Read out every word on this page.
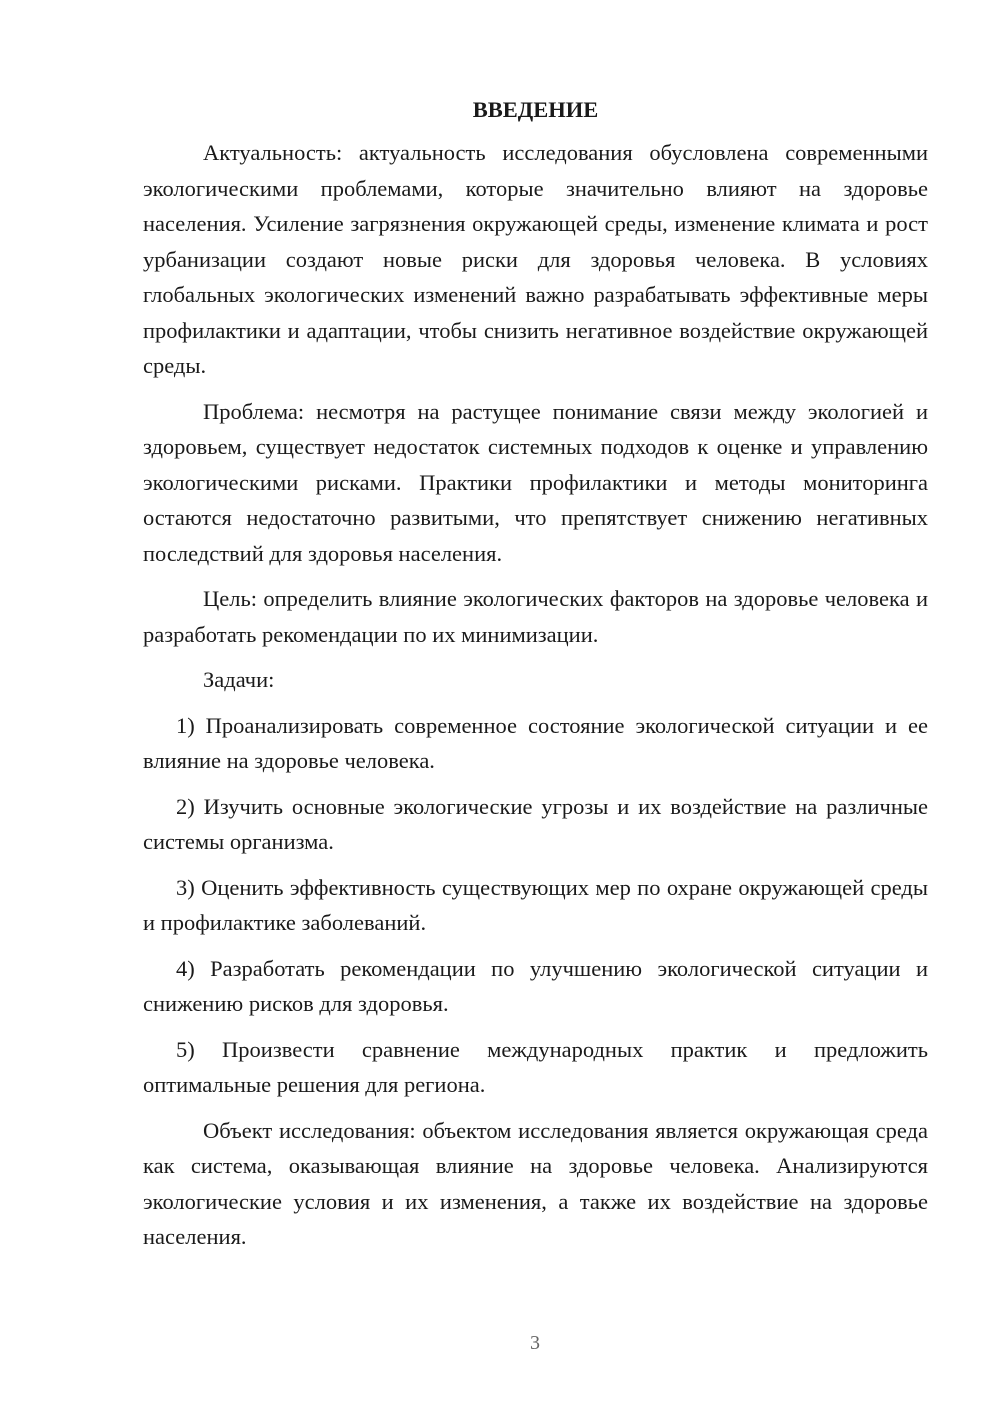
ВВЕДЕНИЕ

Актуальность: актуальность исследования обусловлена современными экологическими проблемами, которые значительно влияют на здоровье населения. Усиление загрязнения окружающей среды, изменение климата и рост урбанизации создают новые риски для здоровья человека. В условиях глобальных экологических изменений важно разрабатывать эффективные меры профилактики и адаптации, чтобы снизить негативное воздействие окружающей среды.

Проблема: несмотря на растущее понимание связи между экологией и здоровьем, существует недостаток системных подходов к оценке и управлению экологическими рисками. Практики профилактики и методы мониторинга остаются недостаточно развитыми, что препятствует снижению негативных последствий для здоровья населения.

Цель: определить влияние экологических факторов на здоровье человека и разработать рекомендации по их минимизации.

Задачи:

1) Проанализировать современное состояние экологической ситуации и ее влияние на здоровье человека.

2) Изучить основные экологические угрозы и их воздействие на различные системы организма.

3) Оценить эффективность существующих мер по охране окружающей среды и профилактике заболеваний.

4) Разработать рекомендации по улучшению экологической ситуации и снижению рисков для здоровья.

5) Произвести сравнение международных практик и предложить оптимальные решения для региона.

Объект исследования: объектом исследования является окружающая среда как система, оказывающая влияние на здоровье человека. Анализируются экологические условия и их изменения, а также их воздействие на здоровье населения.

3
